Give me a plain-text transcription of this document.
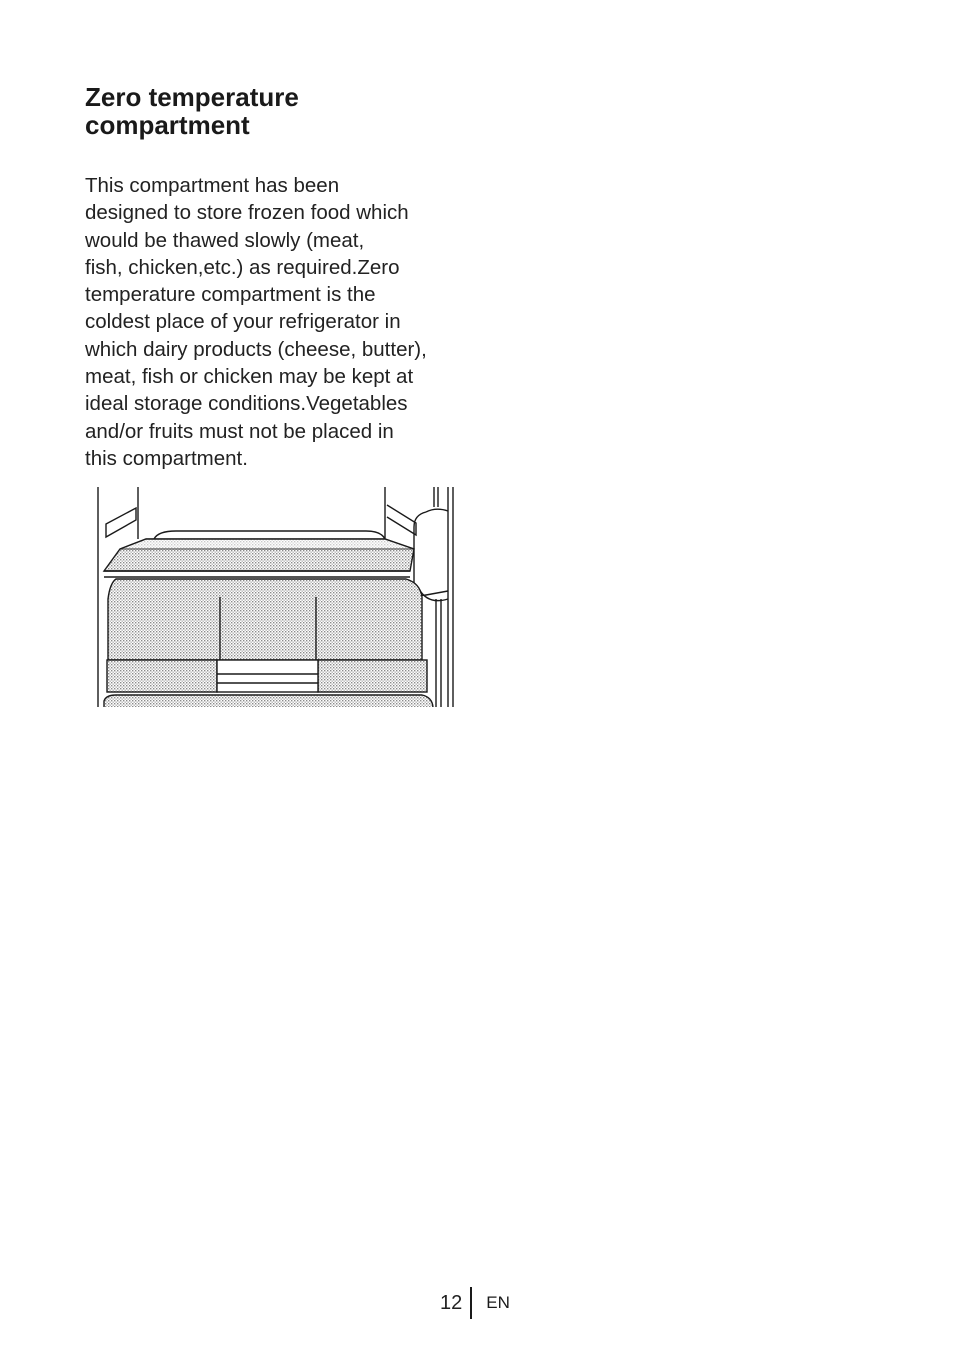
Zero temperature
compartment
This compartment has been
designed to store frozen food which
would be thawed slowly (meat,
fish, chicken,etc.) as required.Zero
temperature compartment is the
coldest place of your refrigerator in
which dairy products (cheese, butter),
meat, fish or chicken may be kept at
ideal storage conditions.Vegetables
and/or fruits must not be placed in
this compartment.
12 EN
